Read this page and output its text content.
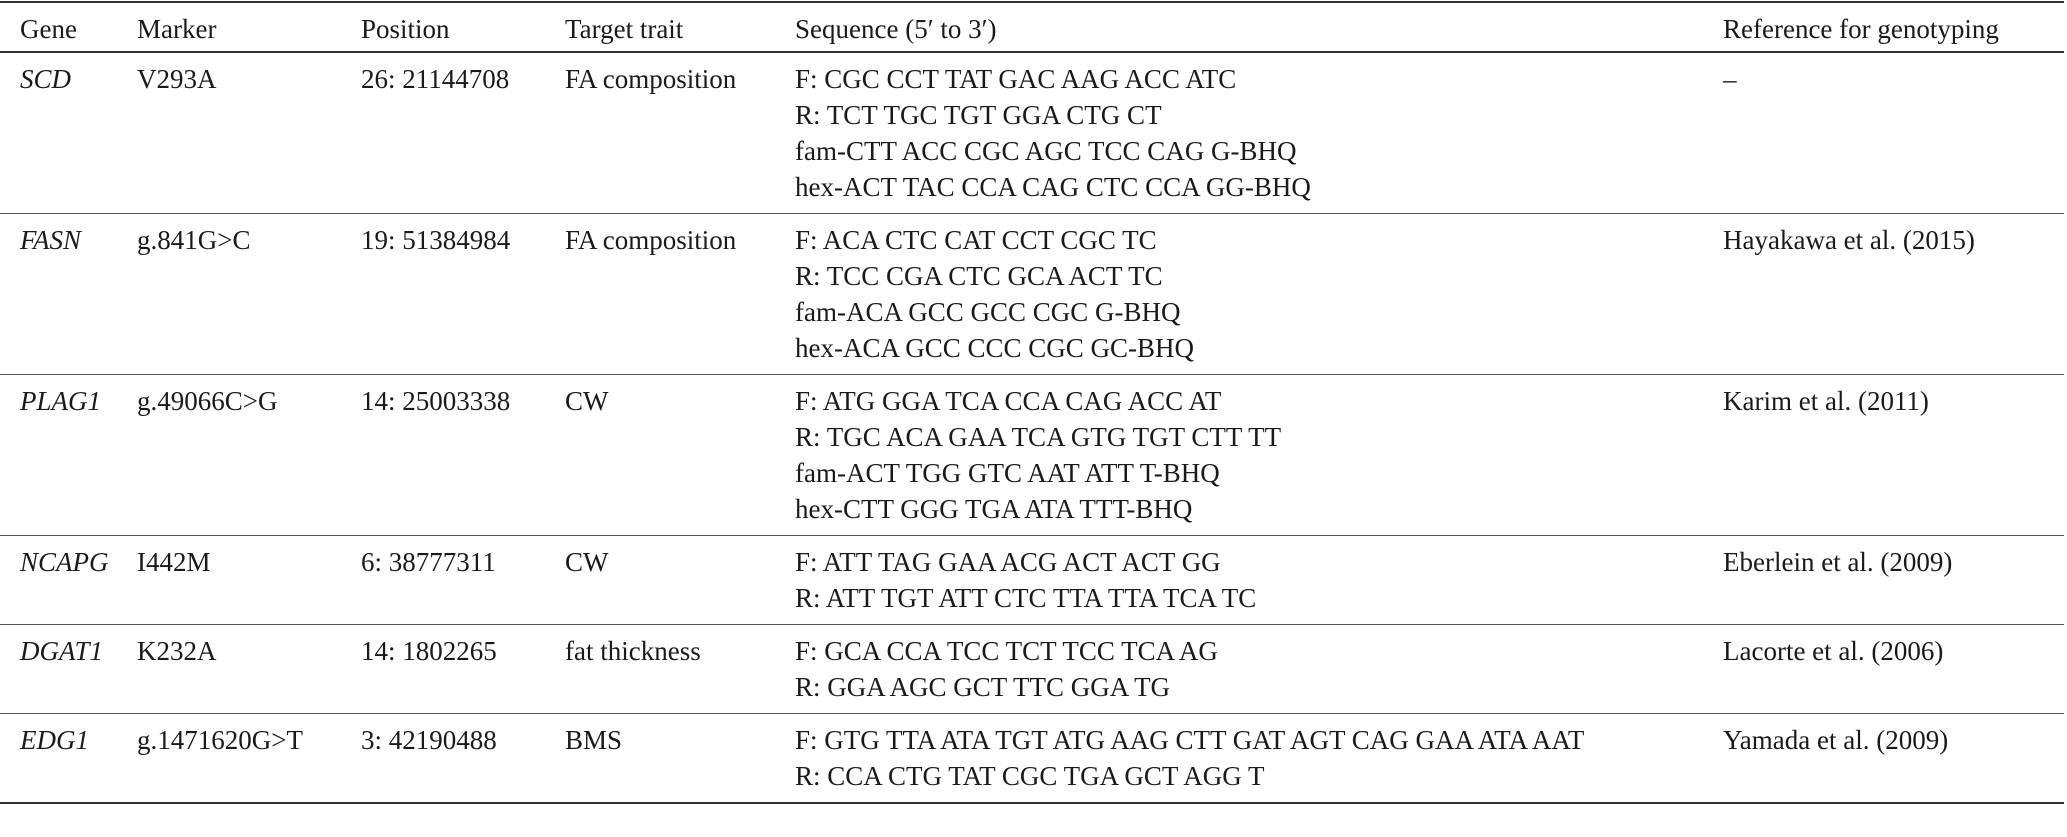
Gene	Marker	Position	Target trait	Sequence (5′ to 3′)	Reference for genotyping
SCD	V293A	26: 21144708	FA composition	F: CGC CCT TAT GAC AAG ACC ATC
R: TCT TGC TGT GGA CTG CT
fam-CTT ACC CGC AGC TCC CAG G-BHQ
hex-ACT TAC CCA CAG CTC CCA GG-BHQ	–
FASN	g.841G>C	19: 51384984	FA composition	F: ACA CTC CAT CCT CGC TC
R: TCC CGA CTC GCA ACT TC
fam-ACA GCC GCC CGC G-BHQ
hex-ACA GCC CCC CGC GC-BHQ	Hayakawa et al. (2015)
PLAG1	g.49066C>G	14: 25003338	CW	F: ATG GGA TCA CCA CAG ACC AT
R: TGC ACA GAA TCA GTG TGT CTT TT
fam-ACT TGG GTC AAT ATT T-BHQ
hex-CTT GGG TGA ATA TTT-BHQ	Karim et al. (2011)
NCAPG	I442M	6: 38777311	CW	F: ATT TAG GAA ACG ACT ACT GG
R: ATT TGT ATT CTC TTA TTA TCA TC	Eberlein et al. (2009)
DGAT1	K232A	14: 1802265	fat thickness	F: GCA CCA TCC TCT TCC TCA AG
R: GGA AGC GCT TTC GGA TG	Lacorte et al. (2006)
EDG1	g.1471620G>T	3: 42190488	BMS	F: GTG TTA ATA TGT ATG AAG CTT GAT AGT CAG GAA ATA AAT
R: CCA CTG TAT CGC TGA GCT AGG T	Yamada et al. (2009)
